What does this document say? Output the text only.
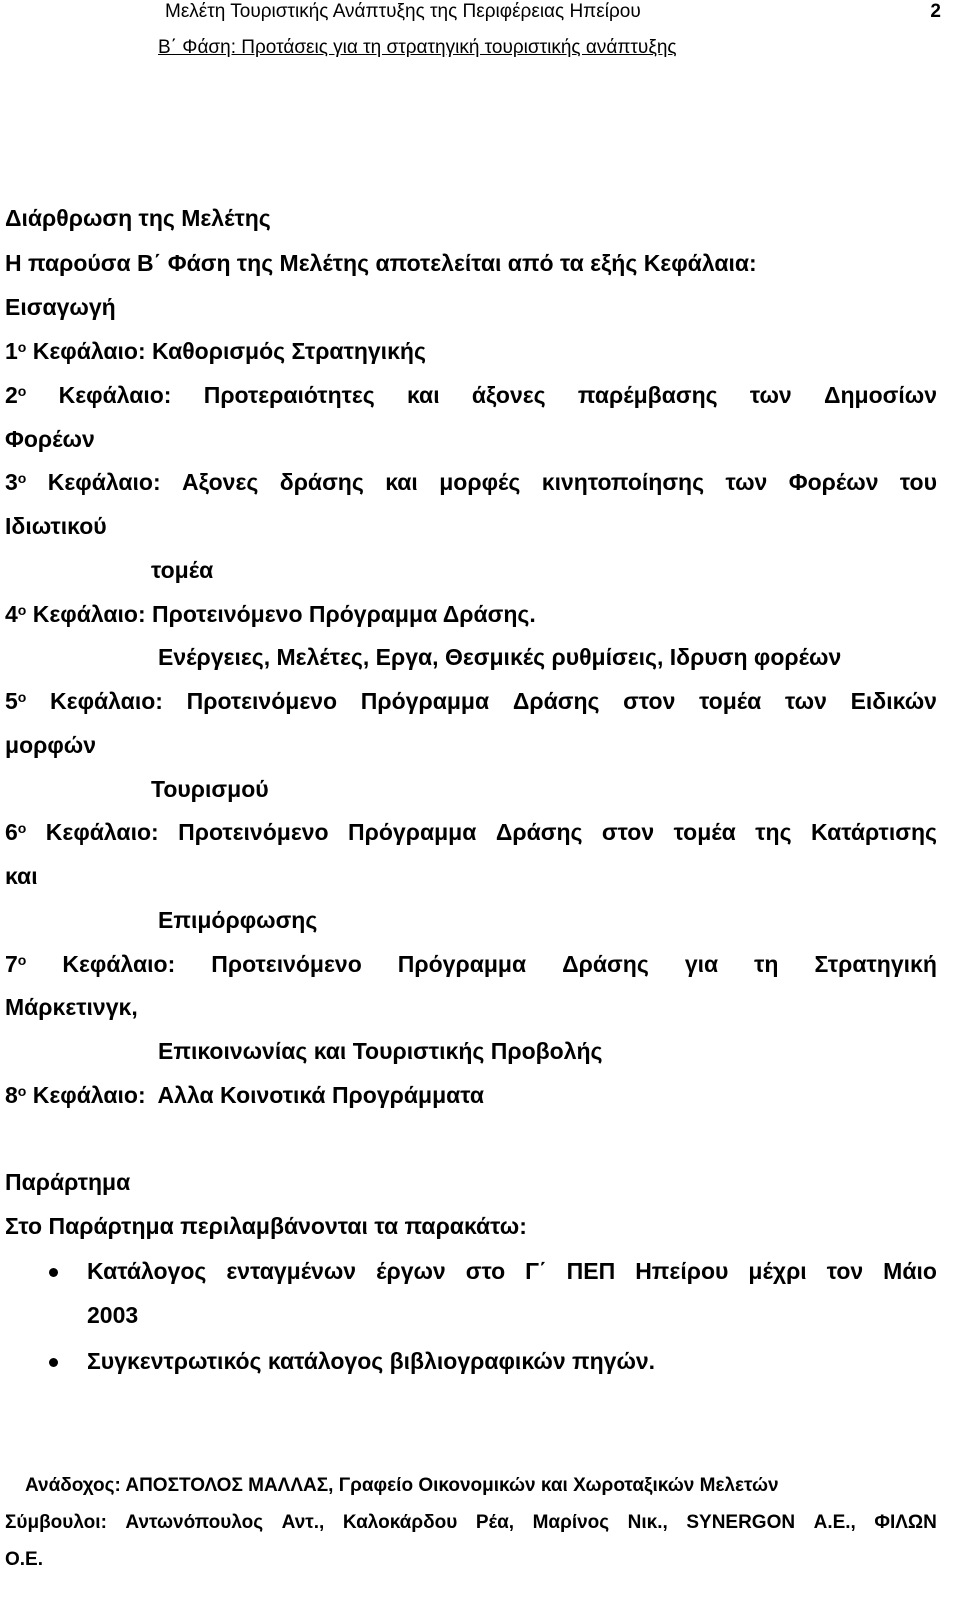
Μελέτη Τουριστικής Ανάπτυξης της Περιφέρειας Ηπείρου	2
Β΄ Φάση: Προτάσεις για τη στρατηγική τουριστικής ανάπτυξης
Διάρθρωση της Μελέτης
Η παρούσα Β΄ Φάση της Μελέτης αποτελείται από τα εξής Κεφάλαια:
Εισαγωγή
$1^o$ Κεφάλαιο: Καθορισμός Στρατηγικής
$2^o$ Κεφάλαιο: Προτεραιότητες και άξονες παρέμβασης των Δημοσίων
Φορέων
$3^o$ Κεφάλαιο: Αξονες δράσης και μορφές κινητοποίησης των Φορέων του
Ιδιωτικού
τομέα
$4^o$ Κεφάλαιο: Προτεινόμενο Πρόγραμμα Δράσης.
Ενέργειες, Μελέτες, Εργα, Θεσμικές ρυθμίσεις, Ιδρυση φορέων
$5^o$ Κεφάλαιο: Προτεινόμενο Πρόγραμμα Δράσης στον τομέα των Ειδικών
μορφών
Τουρισμού
$6^o$ Κεφάλαιο: Προτεινόμενο Πρόγραμμα Δράσης στον τομέα της Κατάρτισης
και
Επιμόρφωσης
$7^o$ Κεφάλαιο: Προτεινόμενο Πρόγραμμα Δράσης για τη Στρατηγική
Μάρκετινγκ,
Επικοινωνίας και Τουριστικής Προβολής
$8^o$ Κεφάλαιο:  Αλλα Κοινοτικά Προγράμματα
Παράρτημα
Στο Παράρτημα περιλαμβάνονται τα παρακάτω:
Κατάλογος ενταγμένων έργων στο Γ΄ ΠΕΠ Ηπείρου μέχρι τον Μάιο
2003
Συγκεντρωτικός κατάλογος βιβλιογραφικών πηγών.
Ανάδοχος: ΑΠΟΣΤΟΛΟΣ ΜΑΛΛΑΣ, Γραφείο Οικονομικών και Χωροταξικών Μελετών
Σύμβουλοι: Αντωνόπουλος Αντ., Καλοκάρδου Ρέα, Μαρίνος Νικ., SYNERGON Α.Ε., ΦΙΛΩΝ
Ο.Ε.
